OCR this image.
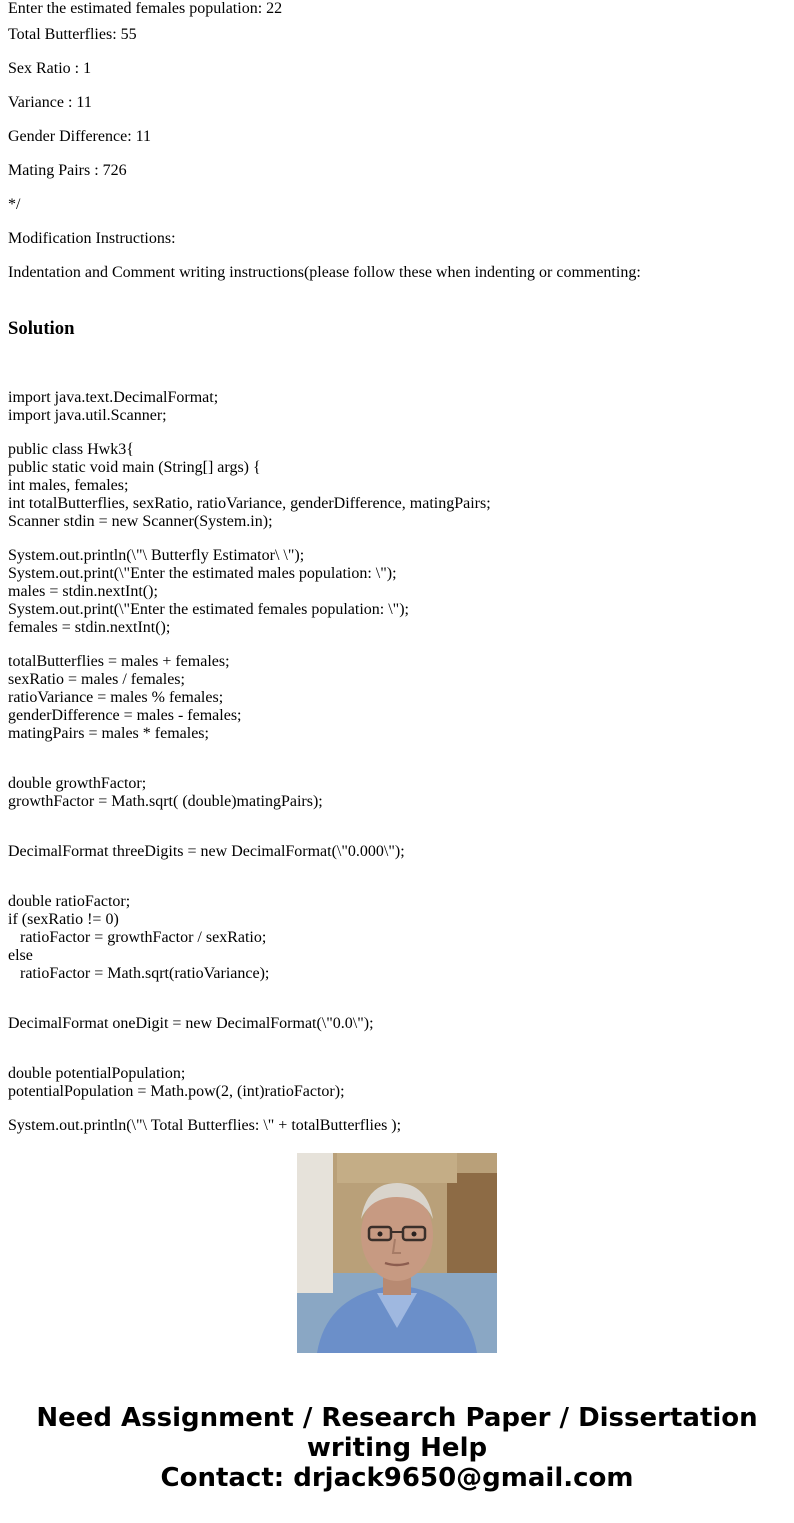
Enter the estimated females population: 22

Total Butterflies: 55

Sex Ratio : 1

Variance : 11

Gender Difference: 11

Mating Pairs : 726

*/

Modification Instructions:

Indentation and Comment writing instructions(please follow these when indenting or commenting:

Solution
import java.text.DecimalFormat;
import java.util.Scanner;
public class Hwk3{
public static void main (String[] args) {
int males, females;
int totalButterflies, sexRatio, ratioVariance, genderDifference, matingPairs;
Scanner stdin = new Scanner(System.in);
System.out.println(\"\ Butterfly Estimator\ \");
System.out.print(\"Enter the estimated males population: \");
males = stdin.nextInt();
System.out.print(\"Enter the estimated females population: \");
females = stdin.nextInt();
totalButterflies = males + females;
sexRatio = males / females;
ratioVariance = males % females;
genderDifference = males - females;
matingPairs = males * females;
double growthFactor;
growthFactor = Math.sqrt( (double)matingPairs);
DecimalFormat threeDigits = new DecimalFormat(\"0.000\");
double ratioFactor;
if (sexRatio != 0)
ratioFactor = growthFactor / sexRatio;
else
ratioFactor = Math.sqrt(ratioVariance);
DecimalFormat oneDigit = new DecimalFormat(\"0.0\");
double potentialPopulation;
potentialPopulation = Math.pow(2, (int)ratioFactor);
System.out.println(\"\ Total Butterflies: \" + totalButterflies );
Need Assignment / Research Paper / Dissertation
writing Help
Contact: drjack9650@gmail.com
